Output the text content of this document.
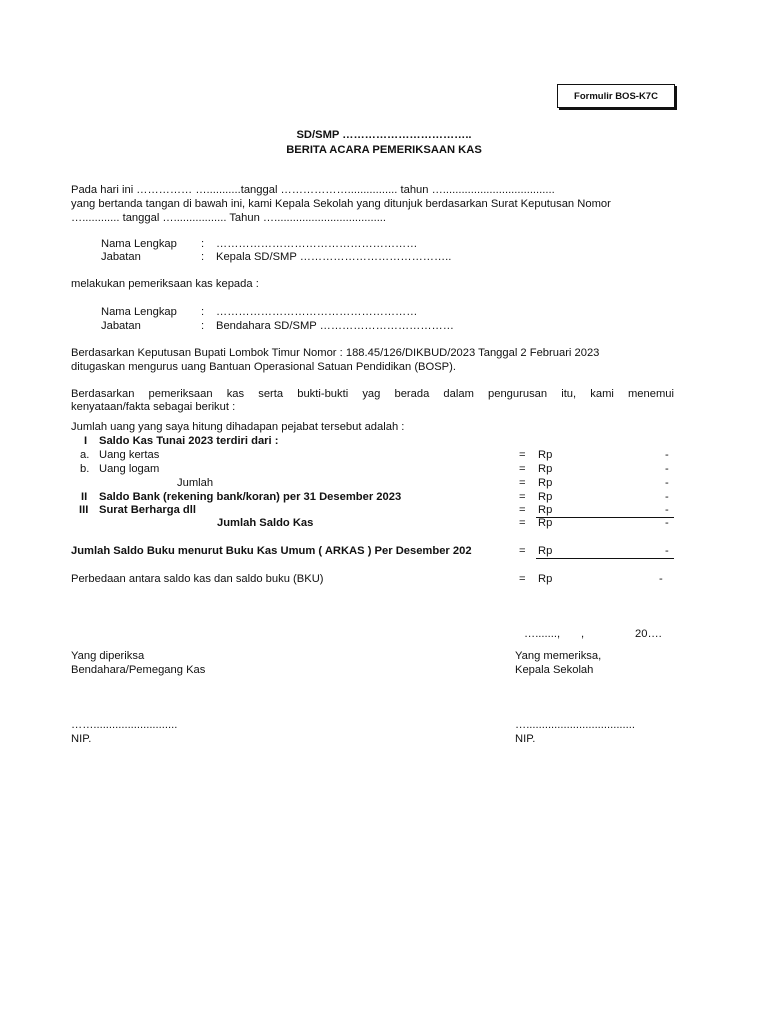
Formulir BOS-K7C
SD/SMP ……………………………..
BERITA ACARA PEMERIKSAAN KAS
Pada hari ini …………… …...........tanggal ………………................ tahun …....................................
yang bertanda tangan di bawah ini, kami Kepala Sekolah yang ditunjuk berdasarkan Surat Keputusan Nomor
…............ tanggal …................. Tahun …....................................
Nama Lengkap : ………………………………………………
Jabatan	: Kepala SD/SMP …………………………………..
melakukan pemeriksaan kas kepada :
Nama Lengkap : ………………………………………………
Jabatan	: Bendahara SD/SMP ………………………………
Berdasarkan Keputusan Bupati Lombok Timur Nomor : 188.45/126/DIKBUD/2023 Tanggal 2 Februari 2023
ditugaskan mengurus uang Bantuan Operasional Satuan Pendidikan (BOSP).
Berdasarkan pemeriksaan kas serta bukti-bukti yag berada dalam pengurusan itu, kami menemui
kenyataan/fakta sebagai berikut :
Jumlah uang yang saya hitung dihadapan pejabat tersebut adalah :
I Saldo Kas Tunai 2023 terdiri dari :
a. Uang kertas	= Rp	-
b. Uang logam	= Rp	-
Jumlah	= Rp	-
II Saldo Bank (rekening bank/koran) per 31 Desember 2023	= Rp	-
III Surat Berharga dll	= Rp	-
Jumlah Saldo Kas	= Rp	-
Jumlah Saldo Buku menurut Buku Kas Umum ( ARKAS ) Per Desember 202	= Rp	-
Perbedaan antara saldo kas dan saldo buku (BKU)	= Rp	-
…......., ,	20….
Yang diperiksa
Bendahara/Pemegang Kas
Yang memeriksa,
Kepala Sekolah
……...........................
NIP.
…...................................
NIP.
